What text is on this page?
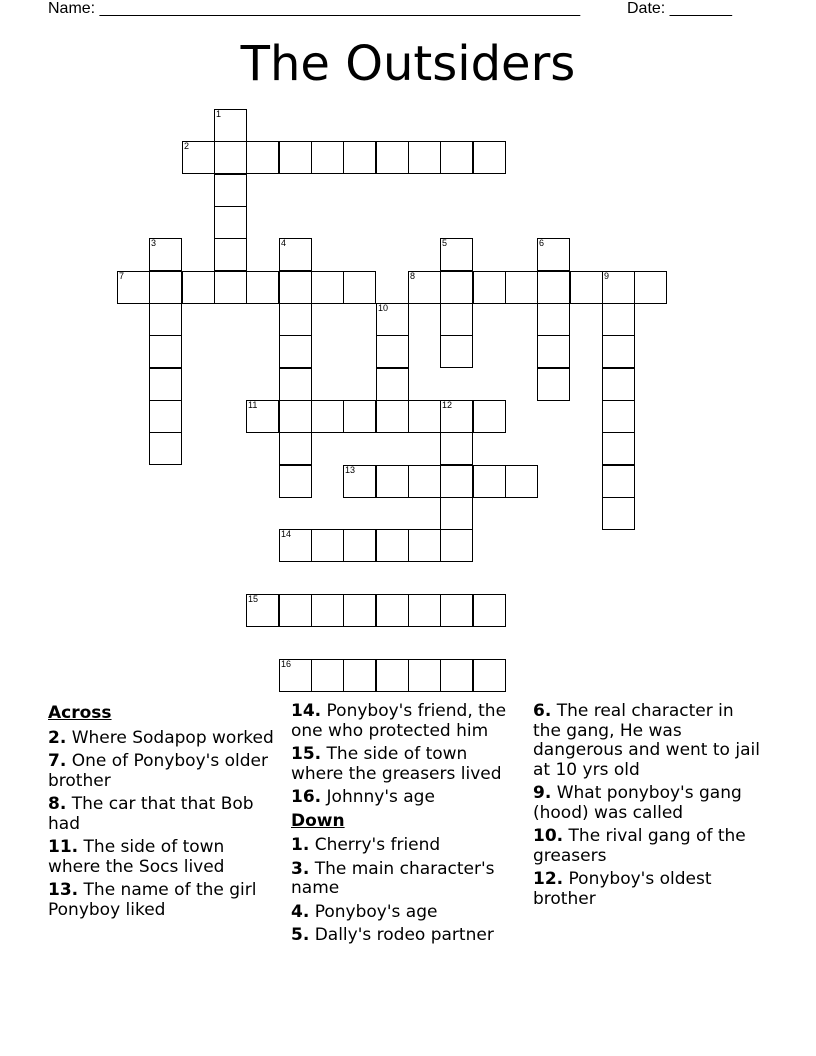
Name: ______________________________________________________	Date: _______
The Outsiders
1
2
3	4	5	6
7	8	9
10
11	12
13
14
15
16
Across
2. Where Sodapop worked
7. One of Ponyboy's older brother
8. The car that that Bob had
11. The side of town where the Socs lived
13. The name of the girl Ponyboy liked
14. Ponyboy's friend, the one who protected him
15. The side of town where the greasers lived
16. Johnny's age
Down
1. Cherry's friend
3. The main character's name
4. Ponyboy's age
5. Dally's rodeo partner
6. The real character in the gang, He was dangerous and went to jail at 10 yrs old
9. What ponyboy's gang (hood) was called
10. The rival gang of the greasers
12. Ponyboy's oldest brother
